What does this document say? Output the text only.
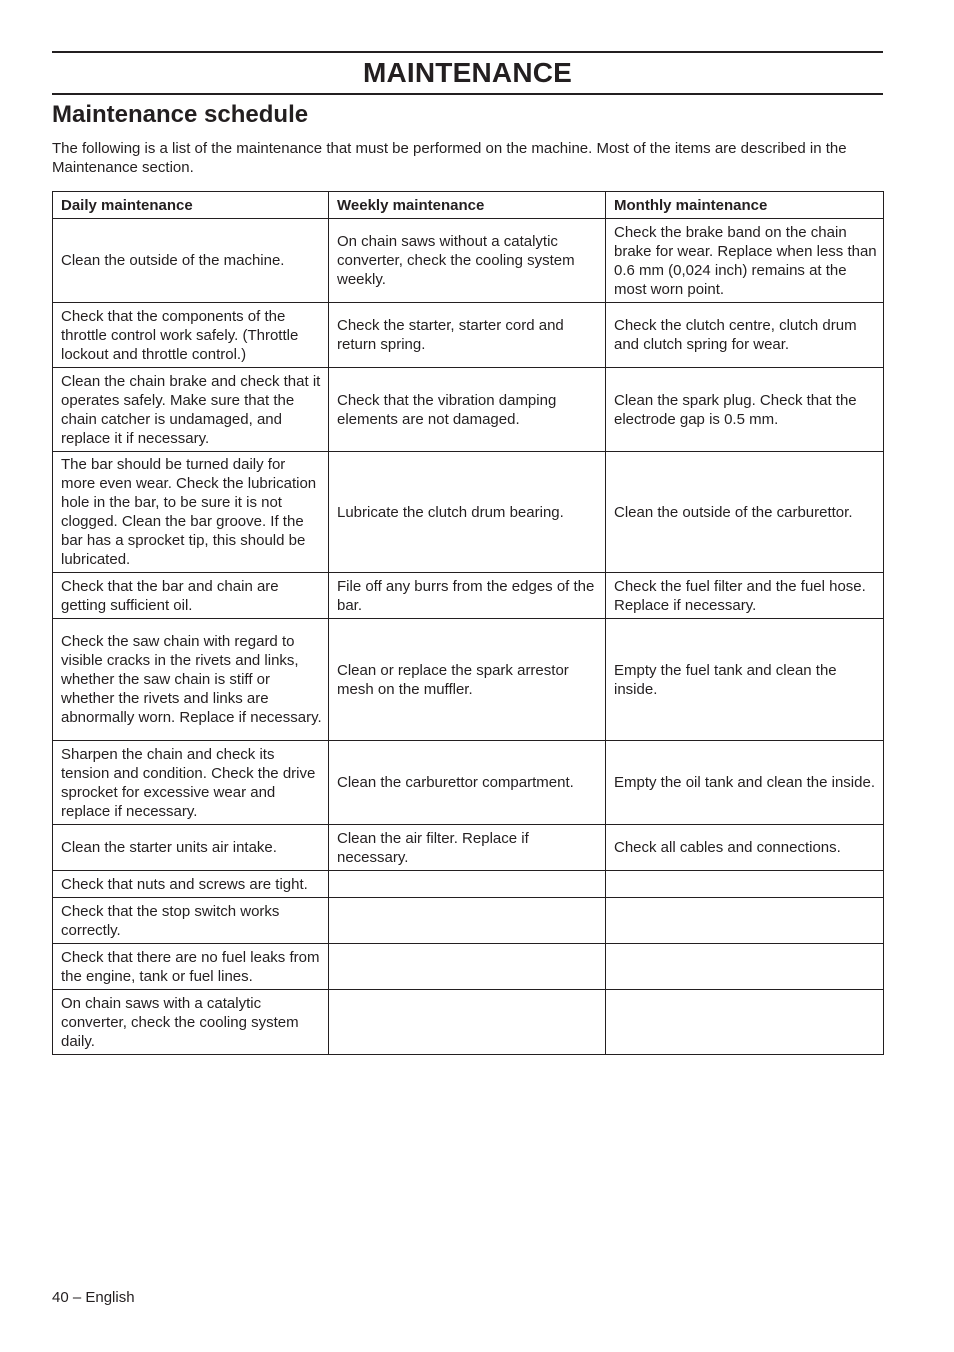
MAINTENANCE
Maintenance schedule

The following is a list of the maintenance that must be performed on the machine. Most of the items are described in the Maintenance section.

Daily maintenance	Weekly maintenance	Monthly maintenance
Clean the outside of the machine.	On chain saws without a catalytic converter, check the cooling system weekly.	Check the brake band on the chain brake for wear. Replace when less than 0.6 mm (0,024 inch) remains at the most worn point.
Check that the components of the throttle control work safely. (Throttle lockout and throttle control.)	Check the starter, starter cord and return spring.	Check the clutch centre, clutch drum and clutch spring for wear.
Clean the chain brake and check that it operates safely. Make sure that the chain catcher is undamaged, and replace it if necessary.	Check that the vibration damping elements are not damaged.	Clean the spark plug. Check that the electrode gap is 0.5 mm.
The bar should be turned daily for more even wear. Check the lubrication hole in the bar, to be sure it is not clogged. Clean the bar groove. If the bar has a sprocket tip, this should be lubricated.	Lubricate the clutch drum bearing.	Clean the outside of the carburettor.
Check that the bar and chain are getting sufficient oil.	File off any burrs from the edges of the bar.	Check the fuel filter and the fuel hose. Replace if necessary.
Check the saw chain with regard to visible cracks in the rivets and links, whether the saw chain is stiff or whether the rivets and links are abnormally worn. Replace if necessary.	Clean or replace the spark arrestor mesh on the muffler.	Empty the fuel tank and clean the inside.
Sharpen the chain and check its tension and condition. Check the drive sprocket for excessive wear and replace if necessary.	Clean the carburettor compartment.	Empty the oil tank and clean the inside.
Clean the starter units air intake.	Clean the air filter. Replace if necessary.	Check all cables and connections.
Check that nuts and screws are tight.		
Check that the stop switch works correctly.		
Check that there are no fuel leaks from the engine, tank or fuel lines.		
On chain saws with a catalytic converter, check the cooling system daily.		
40 – English
